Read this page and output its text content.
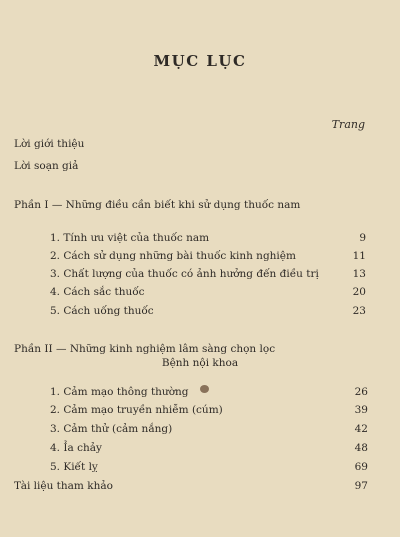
MỤC LỤC
Trang
Lời giới thiệu
Lời soạn giả
Phần I — Những điều cần biết khi sử dụng thuốc nam
1. Tính ưu việt của thuốc nam	9
2. Cách sử dụng những bài thuốc kinh nghiệm	11
3. Chất lượng của thuốc có ảnh hưởng đến điều trị	13
4. Cách sắc thuốc	20
5. Cách uống thuốc	23
Phần II — Những kinh nghiệm lâm sàng chọn lọc
Bệnh nội khoa
1. Cảm mạo thông thường	26
2. Cảm mạo truyền nhiễm (cúm)	39
3. Cảm thử (cảm nắng)	42
4. Ỉa chảy	48
5. Kiết lỵ	69
Tài liệu tham khảo	97
